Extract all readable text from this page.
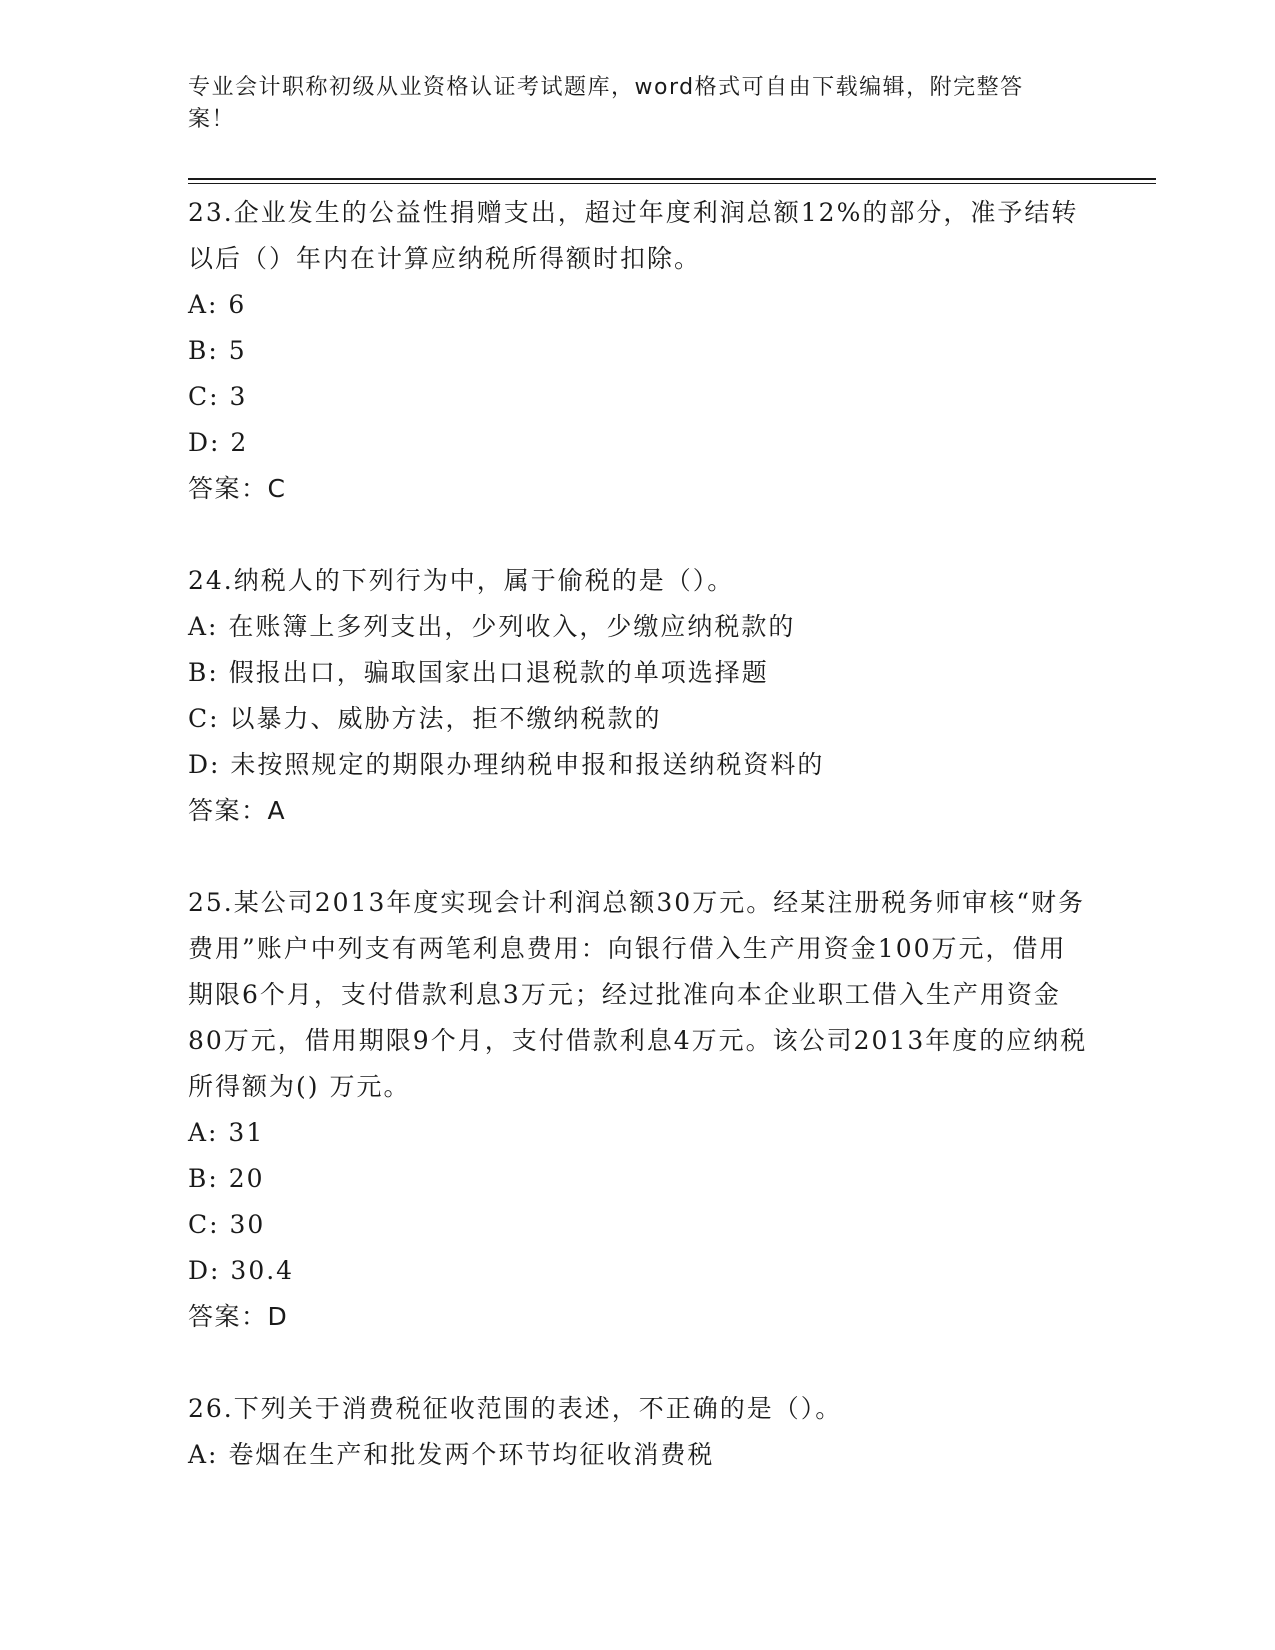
专业会计职称初级从业资格认证考试题库，word格式可自由下载编辑，附完整答案！

23.企业发生的公益性捐赠支出，超过年度利润总额12%的部分，准予结转以后（）年内在计算应纳税所得额时扣除。

A: 6

B: 5

C: 3

D: 2

答案：C

24.纳税人的下列行为中，属于偷税的是（）。

A: 在账簿上多列支出，少列收入，少缴应纳税款的

B: 假报出口，骗取国家出口退税款的单项选择题

C: 以暴力、威胁方法，拒不缴纳税款的

D: 未按照规定的期限办理纳税申报和报送纳税资料的

答案：A

25.某公司2013年度实现会计利润总额30万元。经某注册税务师审核“财务费用”账户中列支有两笔利息费用：向银行借入生产用资金100万元，借用期限6个月，支付借款利息3万元；经过批准向本企业职工借入生产用资金80万元，借用期限9个月，支付借款利息4万元。该公司2013年度的应纳税所得额为() 万元。

A: 31

B: 20

C: 30

D: 30.4

答案：D

26.下列关于消费税征收范围的表述，不正确的是（）。

A: 卷烟在生产和批发两个环节均征收消费税
